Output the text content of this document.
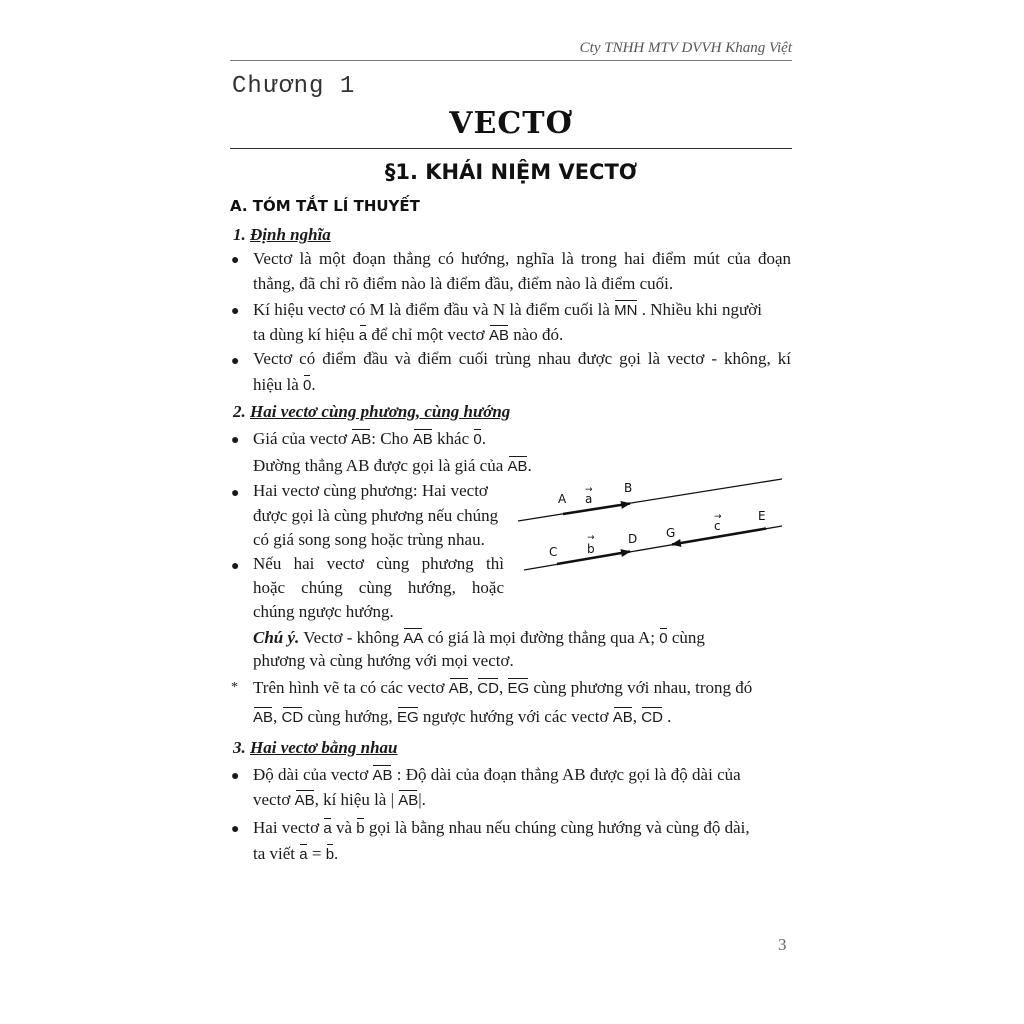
Cty TNHH MTV DVVH Khang Việt
Chương 1
VECTƠ
§1. KHÁI NIỆM VECTƠ
A. TÓM TẮT LÍ THUYẾT
1. Định nghĩa
● Vectơ là một đoạn thẳng có hướng, nghĩa là trong hai điểm mút của đoạn
thẳng, đã chỉ rõ điểm nào là điểm đầu, điểm nào là điểm cuối.
● Kí hiệu vectơ có M là điểm đầu và N là điểm cuối là MN . Nhiều khi người
ta dùng kí hiệu a để chỉ một vectơ AB nào đó.
● Vectơ có điểm đầu và điểm cuối trùng nhau được gọi là vectơ - không, kí
hiệu là 0.
2. Hai vectơ cùng phương, cùng hướng
● Giá của vectơ AB: Cho AB khác 0.
Đường thẳng AB được gọi là giá của AB.
● Hai vectơ cùng phương: Hai vectơ
được gọi là cùng phương nếu chúng
có giá song song hoặc trùng nhau.
● Nếu hai vectơ cùng phương thì
hoặc chúng cùng hướng, hoặc
chúng ngược hướng.
A a
→	B
C b
→	D G	c
→	E
Chú ý. Vectơ - không AA có giá là mọi đường thẳng qua A; 0 cùng
phương và cùng hướng với mọi vectơ.
* Trên hình vẽ ta có các vectơ AB, CD, EG cùng phương với nhau, trong đó
AB, CD cùng hướng, EG ngược hướng với các vectơ AB, CD .
3. Hai vectơ bằng nhau
● Độ dài của vectơ AB : Độ dài của đoạn thẳng AB được gọi là độ dài của
vectơ AB, kí hiệu là | AB|.
● Hai vectơ a và b gọi là bằng nhau nếu chúng cùng hướng và cùng độ dài,
ta viết a = b.
3
